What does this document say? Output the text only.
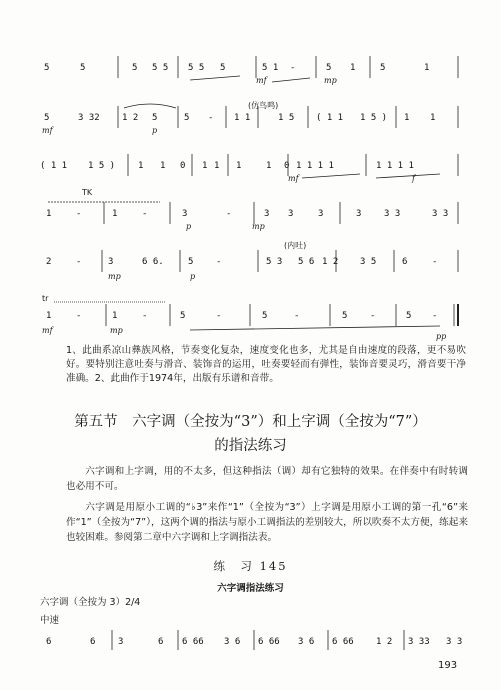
5	5	5 5 5 5 5 5	5 1 -	5 1	5	1
mf	mp
5	3 32 1 2 5	5 - 1 1	1 5 ( 1 1 1 5 ) 1 1
(仿鸟鸣)
mf	p
( 1 1 1 5 )	1 1 0 1 1 1	1 0 1 1 1 1	1 1 1 1
mf	f
1	-	1	-	3	-	3 3	3	3	3 3	3 3
TK
p	mp
2	-	3	6 6.	5	-	5 3 5 6 1 2 3 5	6	-
(内吐)
mp	p
1	-	1	-	5	-	5	-	5	-	5 -
tr
mf	mp
pp
1、此曲系凉山彝族风格，节奏变化复杂，速度变化也多，尤其是自由速度的段落，更不易吹好。要特别注意吐奏与滑音、装饰音的运用，吐奏要轻而有弹性，装饰音要灵巧，滑音要干净准确。2、此曲作于1974年，出版有乐谱和音带。
第五节　六字调（全按为“3”）和上字调（全按为“7”）
的指法练习
六字调和上字调，用的不太多，但这种指法（调）却有它独特的效果。在伴奏中有时转调也必用不可。
六字调是用原小工调的“♭3”来作“1”（全按为“3”）上字调是用原小工调的第一孔“6”来作“1”（全按为“7”），这两个调的指法与原小工调指法的差别较大，所以吹奏不太方便，练起来也较困难。参阅第二章中六字调和上字调指法表。
练　习 145
六字调指法练习
六字调（全按为 3）2/4
中速
6	6	3	6 6 66 3 6 6 66 3 6 6 66 1 2 3 33 3 3
193
